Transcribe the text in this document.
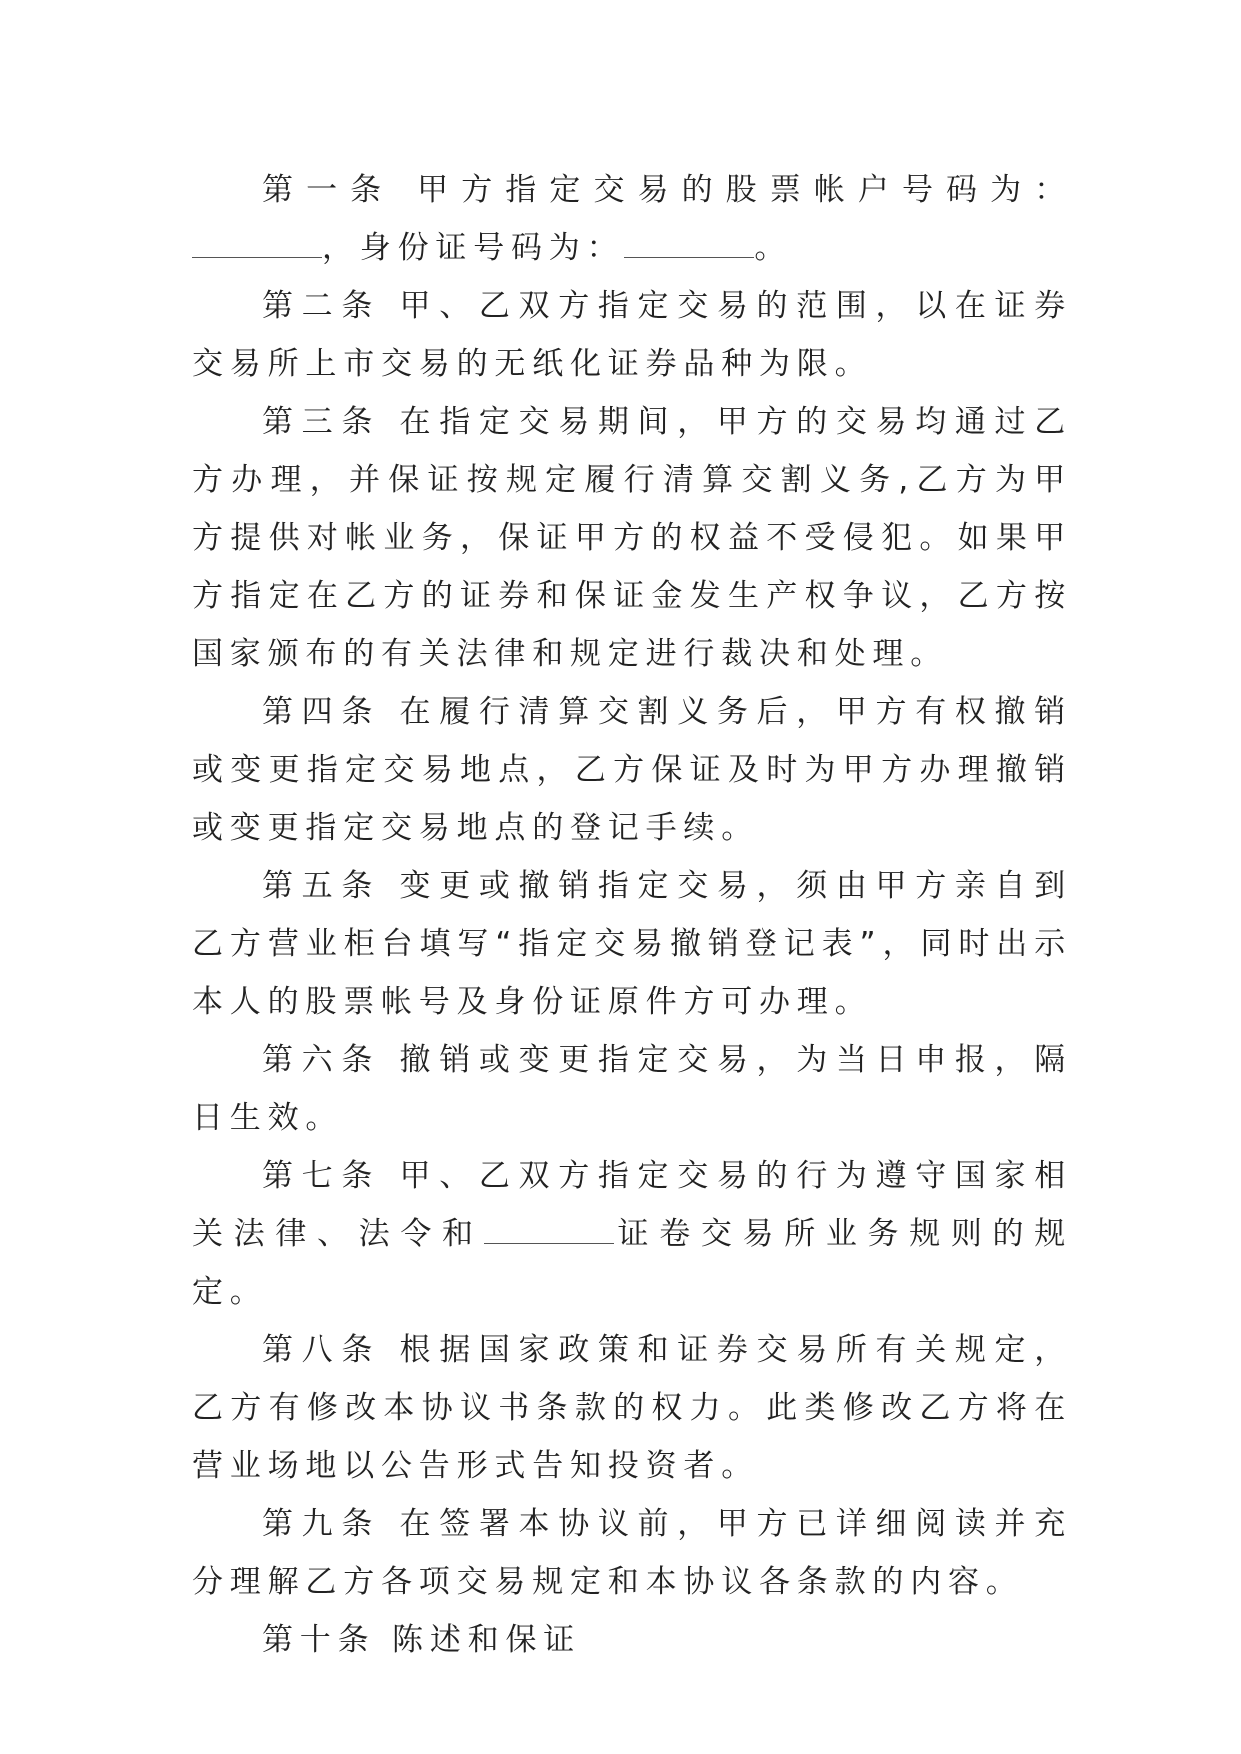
第一条 甲方指定交易的股票帐户号码为：，身份证号码为：	。

第二条 甲、乙双方指定交易的范围，以在证券交易所上市交易的无纸化证券品种为限。

第三条 在指定交易期间，甲方的交易均通过乙方办理，并保证按规定履行清算交割义务,乙方为甲方提供对帐业务，保证甲方的权益不受侵犯。如果甲方指定在乙方的证券和保证金发生产权争议，乙方按国家颁布的有关法律和规定进行裁决和处理。

第四条 在履行清算交割义务后，甲方有权撤销或变更指定交易地点，乙方保证及时为甲方办理撤销或变更指定交易地点的登记手续。

第五条 变更或撤销指定交易，须由甲方亲自到乙方营业柜台填写“指定交易撤销登记表”，同时出示本人的股票帐号及身份证原件方可办理。

第六条 撤销或变更指定交易，为当日申报，隔日生效。

第七条 甲、乙双方指定交易的行为遵守国家相关法律、法令和	证卷交易所业务规则的规定。

第八条 根据国家政策和证券交易所有关规定，乙方有修改本协议书条款的权力。此类修改乙方将在营业场地以公告形式告知投资者。

第九条 在签署本协议前，甲方已详细阅读并充分理解乙方各项交易规定和本协议各条款的内容。

第十条 陈述和保证
